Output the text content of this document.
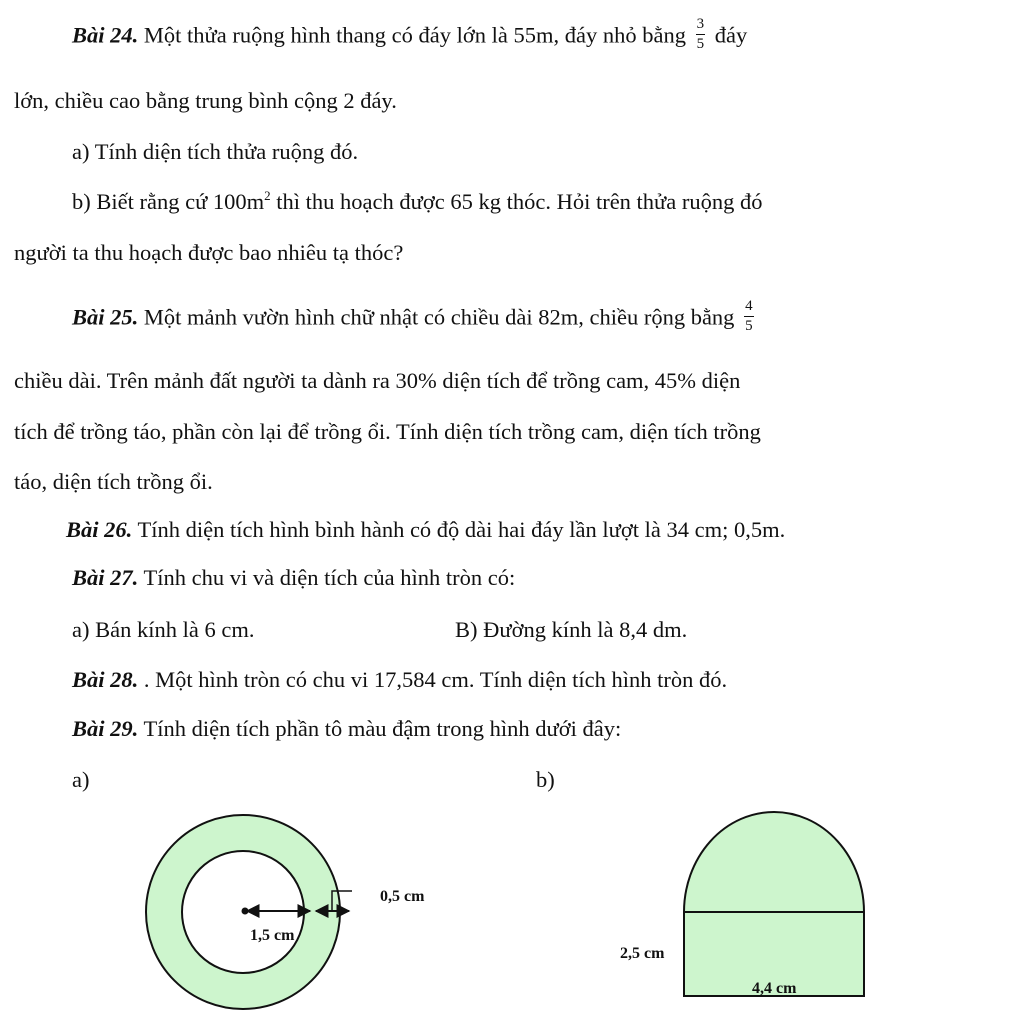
Bài 24. Một thửa ruộng hình thang có đáy lớn là 55m, đáy nhỏ bằng $\frac{3}{5}$ đáy
lớn, chiều cao bằng trung bình cộng 2 đáy.
a) Tính diện tích thửa ruộng đó.
b) Biết rằng cứ $100m^2$ thì thu hoạch được 65 kg thóc. Hỏi trên thửa ruộng đó
người ta thu hoạch được bao nhiêu tạ thóc?
Bài 25. Một mảnh vườn hình chữ nhật có chiều dài 82m, chiều rộng bằng $\frac{4}{5}$
chiều dài. Trên mảnh đất người ta dành ra 30% diện tích để trồng cam, 45% diện
tích để trồng táo, phần còn lại để trồng ổi. Tính diện tích trồng cam, diện tích trồng
táo, diện tích trồng ổi.
Bài 26. Tính diện tích hình bình hành có độ dài hai đáy lần lượt là 34 cm; 0,5m.
Bài 27. Tính chu vi và diện tích của hình tròn có:
a) Bán kính là 6 cm.	B) Đường kính là 8,4 dm.
Bài 28. . Một hình tròn có chu vi 17,584 cm. Tính diện tích hình tròn đó.
Bài 29. Tính diện tích phần tô màu đậm trong hình dưới đây:
a)	b)
0,5 cm
1,5 cm
2,5 cm
4,4 cm
